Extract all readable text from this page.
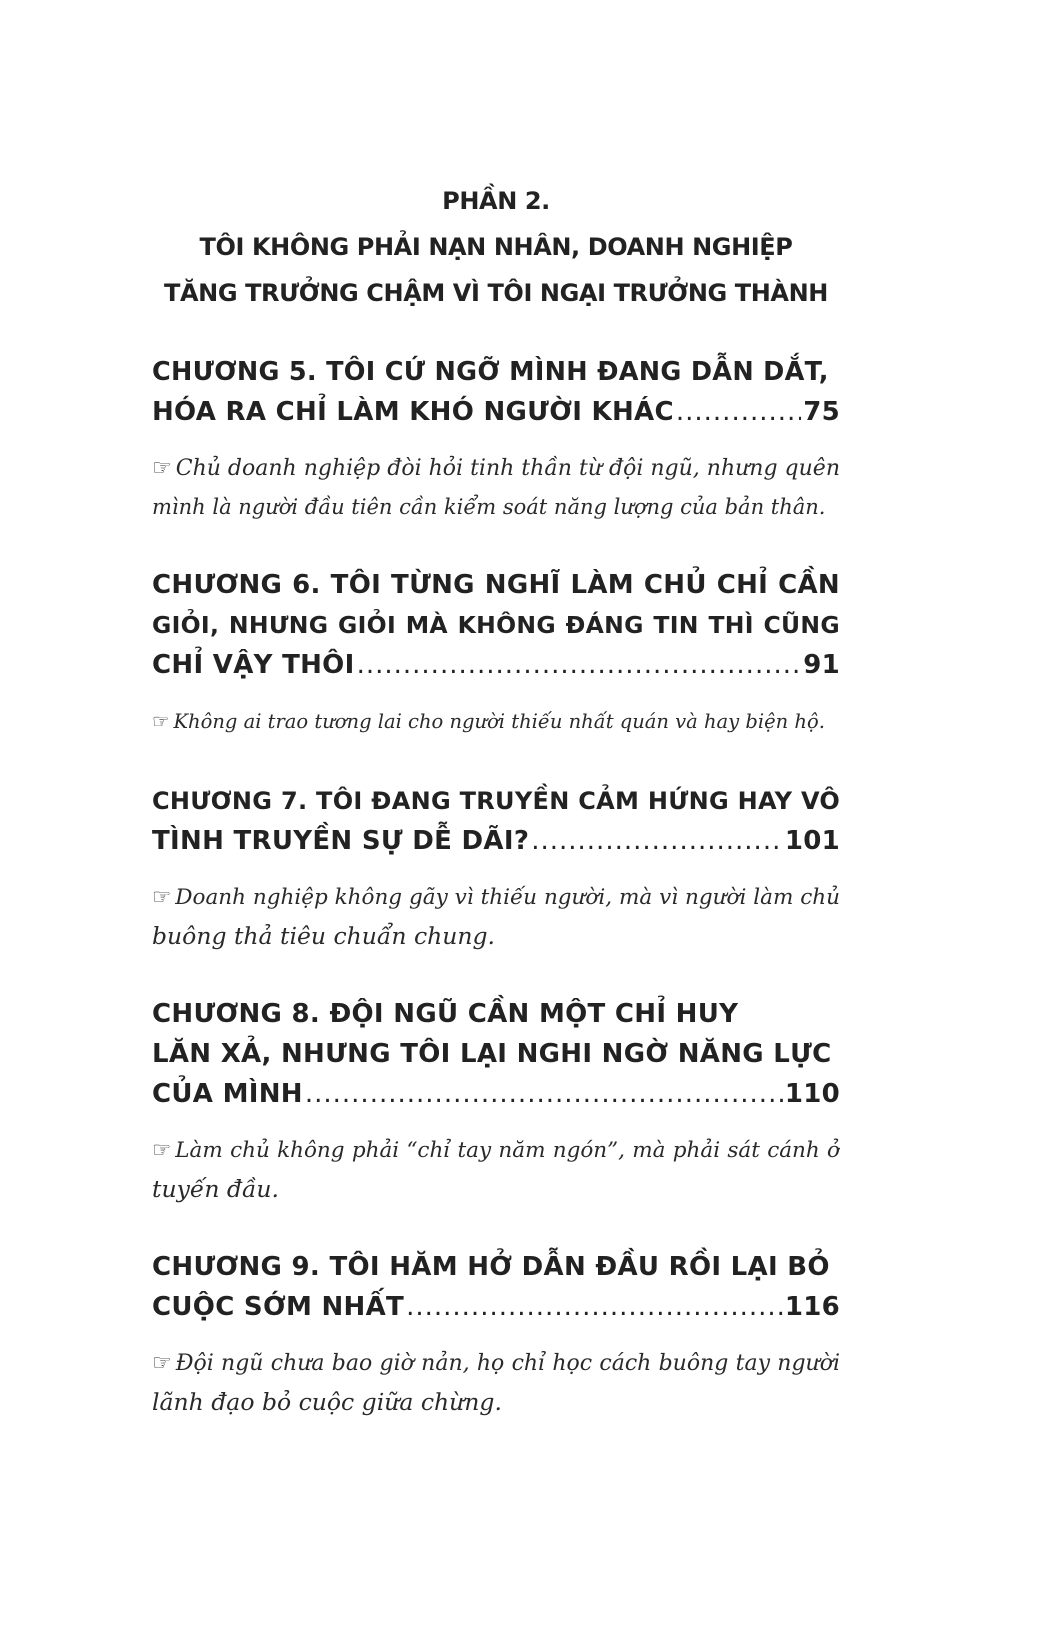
PHẦN 2.
TÔI KHÔNG PHẢI NẠN NHÂN, DOANH NGHIỆP
TĂNG TRƯỞNG CHẬM VÌ TÔI NGẠI TRƯỞNG THÀNH
CHƯƠNG 5. TÔI CỨ NGỠ MÌNH ĐANG DẪN DẮT,
HÓA RA CHỈ LÀM KHÓ NGƯỜI KHÁC .....	75
☞ Chủ doanh nghiệp đòi hỏi tinh thần từ đội ngũ, nhưng quên
mình là người đầu tiên cần kiểm soát năng lượng của bản thân.
CHƯƠNG 6. TÔI TỪNG NGHĨ LÀM CHỦ CHỈ CẦN
GIỎI, NHƯNG GIỎI MÀ KHÔNG ĐÁNG TIN THÌ CŨNG
CHỈ VẬY THÔI .....	91
☞ Không ai trao tương lai cho người thiếu nhất quán và hay biện hộ.
CHƯƠNG 7. TÔI ĐANG TRUYỀN CẢM HỨNG HAY VÔ
TÌNH TRUYỀN SỰ DỄ DÃI? .....	101
☞ Doanh nghiệp không gãy vì thiếu người, mà vì người làm chủ
buông thả tiêu chuẩn chung.
CHƯƠNG 8. ĐỘI NGŨ CẦN MỘT CHỈ HUY
LĂN XẢ, NHƯNG TÔI LẠI NGHI NGỜ NĂNG LỰC
CỦA MÌNH .....	110
☞ Làm chủ không phải “chỉ tay năm ngón”, mà phải sát cánh ở
tuyến đầu.
CHƯƠNG 9. TÔI HĂM HỞ DẪN ĐẦU RỒI LẠI BỎ
CUỘC SỚM NHẤT .....	116
☞ Đội ngũ chưa bao giờ nản, họ chỉ học cách buông tay người
lãnh đạo bỏ cuộc giữa chừng.
